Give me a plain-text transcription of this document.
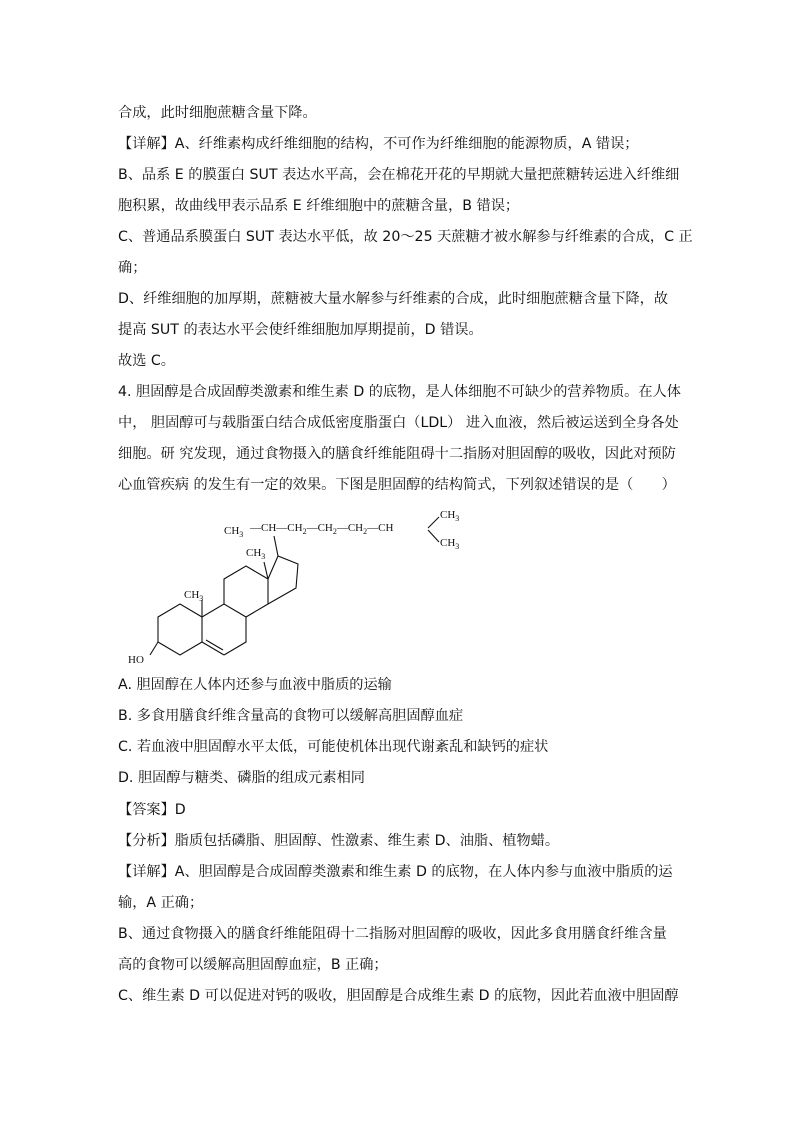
合成，此时细胞蔗糖含量下降。
【详解】A、纤维素构成纤维细胞的结构，不可作为纤维细胞的能源物质，A 错误；
B、品系 E 的膜蛋白 SUT 表达水平高，会在棉花开花的早期就大量把蔗糖转运进入纤维细
胞积累，故曲线甲表示品系 E 纤维细胞中的蔗糖含量，B 错误；
C、普通品系膜蛋白 SUT 表达水平低，故 20～25 天蔗糖才被水解参与纤维素的合成，C 正
确；
D、纤维细胞的加厚期，蔗糖被大量水解参与纤维素的合成，此时细胞蔗糖含量下降，故
提高 SUT 的表达水平会使纤维细胞加厚期提前，D 错误。
故选 C。
4. 胆固醇是合成固醇类激素和维生素 D 的底物，是人体细胞不可缺少的营养物质。在人体
中， 胆固醇可与载脂蛋白结合成低密度脂蛋白（LDL） 进入血液，然后被运送到全身各处
细胞。研 究发现，通过食物摄入的膳食纤维能阻碍十二指肠对胆固醇的吸收，因此对预防
心血管疾病 的发生有一定的效果。下图是胆固醇的结构简式，下列叙述错误的是（　　）
$CH_3$
$—CH—CH_2—CH_2—CH_2—CH$
$CH_3$
$CH_3$
$CH_3$
$CH_3$
HO
A. 胆固醇在人体内还参与血液中脂质的运输
B. 多食用膳食纤维含量高的食物可以缓解高胆固醇血症
C. 若血液中胆固醇水平太低，可能使机体出现代谢紊乱和缺钙的症状
D. 胆固醇与糖类、磷脂的组成元素相同
【答案】D
【分析】脂质包括磷脂、胆固醇、性激素、维生素 D、油脂、植物蜡。
【详解】A、胆固醇是合成固醇类激素和维生素 D 的底物，在人体内参与血液中脂质的运
输，A 正确；
B、通过食物摄入的膳食纤维能阻碍十二指肠对胆固醇的吸收，因此多食用膳食纤维含量
高的食物可以缓解高胆固醇血症，B 正确；
C、维生素 D 可以促进对钙的吸收，胆固醇是合成维生素 D 的底物，因此若血液中胆固醇
